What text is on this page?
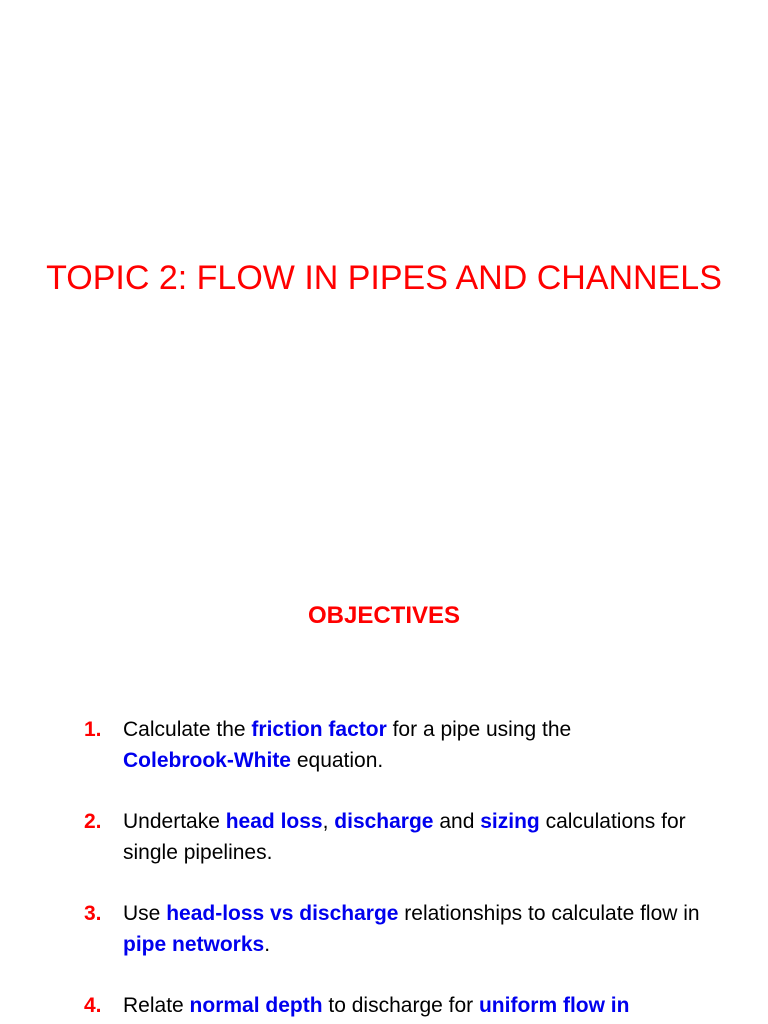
TOPIC 2: FLOW IN PIPES AND CHANNELS
OBJECTIVES
1. Calculate the friction factor for a pipe using the
Colebrook-White equation.
2. Undertake head loss, discharge and sizing calculations for single pipelines.
3. Use head-loss vs discharge relationships to calculate flow in pipe networks.
4. Relate normal depth to discharge for uniform flow in
